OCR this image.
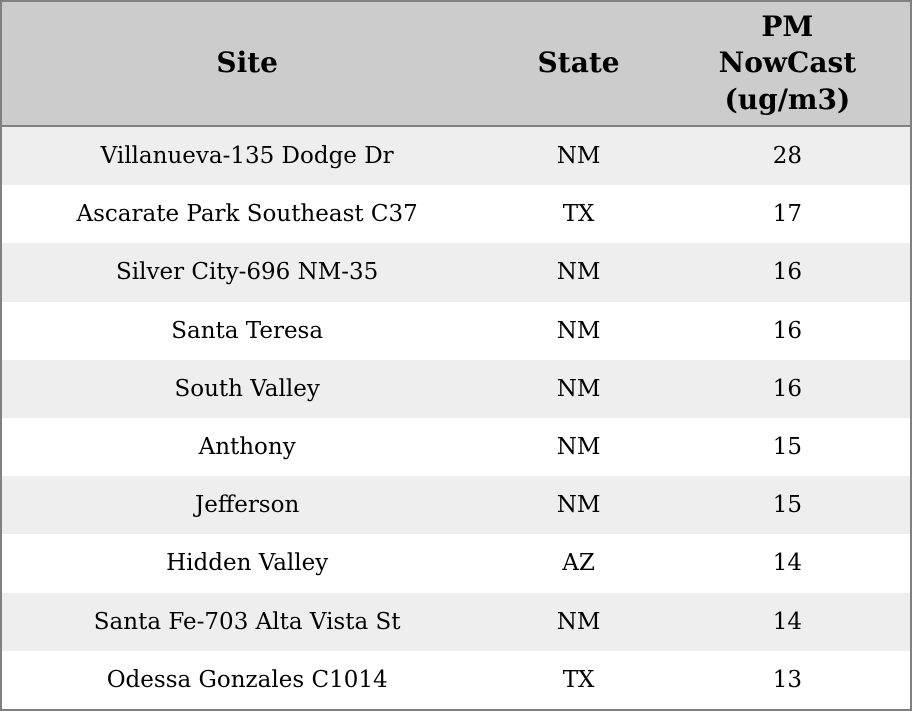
Site	State	PM
NowCast
(ug/m3)

Villanueva-135 Dodge Dr	NM	28
Ascarate Park Southeast C37	TX	17
Silver City-696 NM-35	NM	16
Santa Teresa	NM	16
South Valley	NM	16
Anthony	NM	15
Jefferson	NM	15
Hidden Valley	AZ	14
Santa Fe-703 Alta Vista St	NM	14
Odessa Gonzales C1014	TX	13
